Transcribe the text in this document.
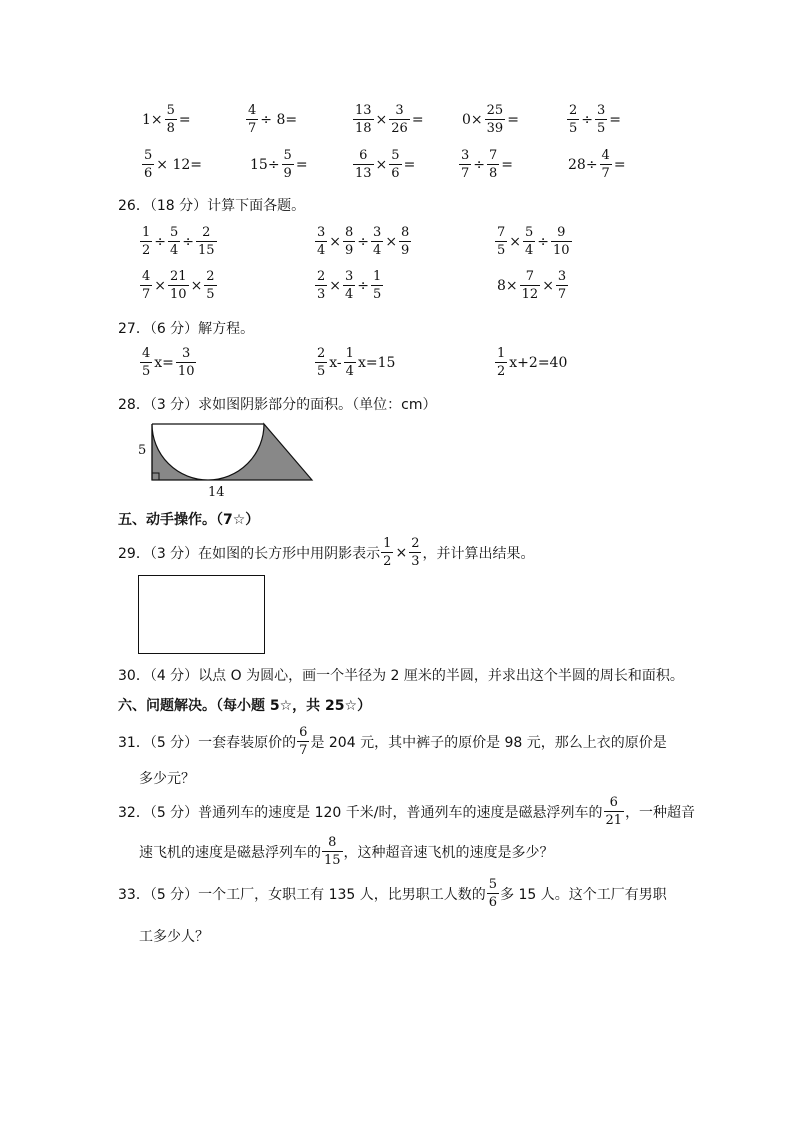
$1\times \frac{5}{8}$ =	$\frac{4}{7} \div 8=$	$\frac{13}{18} \times \frac{3}{26}$ =	$0\times \frac{25}{39}$ =	$\frac{2}{5} \div \frac{3}{5}$ =
$\frac{5}{6} \times 12=$	$15\div \frac{5}{9}$ =	$\frac{6}{13} \times \frac{5}{6}$ =	$\frac{3}{7} \div \frac{7}{8}$ =	$28\div \frac{4}{7}$ =
26．（18 分）计算下面各题。
$\frac{1}{2} \div \frac{5}{4} \div \frac{2}{15}$	$\frac{3}{4} \times \frac{8}{9} \div \frac{3}{4} \times \frac{8}{9}$	$\frac{7}{5} \times \frac{5}{4} \div \frac{9}{10}$
$\frac{4}{7} \times \frac{21}{10} \times \frac{2}{5}$	$\frac{2}{3} \times \frac{3}{4} \div \frac{1}{5}$	$8\times \frac{7}{12} \times \frac{3}{7}$
27．（6 分）解方程。
$\frac{4}{5} x= \frac{3}{10}$	$\frac{2}{5} x- \frac{1}{4} x=15$	$\frac{1}{2} x+2=40$
28．（3 分）求如图阴影部分的面积。（单位：cm）
5
14
五、动手操作。（7☆）
29．（3 分）在如图的长方形中用阴影表示 $\frac{1}{2} \times \frac{2}{3}$ ，并计算出结果。
30．（4 分）以点 O 为圆心，画一个半径为 2 厘米的半圆，并求出这个半圆的周长和面积。
六、问题解决。（每小题 5☆，共 25☆）
31．（5 分）一套春装原价的 $\frac{6}{7}$ 是 204 元，其中裤子的原价是 98 元，那么上衣的原价是
多少元？
32．（5 分）普通列车的速度是 120 千米/时，普通列车的速度是磁悬浮列车的 $\frac{6}{21}$ ，一种超音
速飞机的速度是磁悬浮列车的 $\frac{8}{15}$ ，这种超音速飞机的速度是多少？
33．（5 分）一个工厂，女职工有 135 人，比男职工人数的 $\frac{5}{6}$ 多 15 人。这个工厂有男职
工多少人？
